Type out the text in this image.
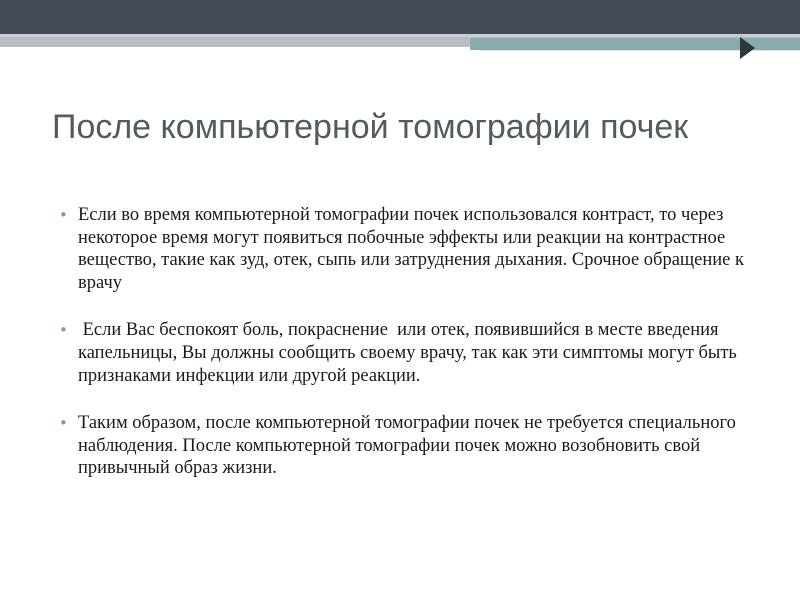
После компьютерной томографии почек
• Если во время компьютерной томографии почек использовался контраст, то через некоторое время могут появиться побочные эффекты или реакции на контрастное вещество, такие как зуд, отек, сыпь или затруднения дыхания. Срочное обращение к врачу
• Если Вас беспокоят боль, покраснение  или отек, появившийся в месте введения капельницы, Вы должны сообщить своему врачу, так как эти симптомы могут быть признаками инфекции или другой реакции.
• Таким образом, после компьютерной томографии почек не требуется специального наблюдения. После компьютерной томографии почек можно возобновить свой привычный образ жизни.
